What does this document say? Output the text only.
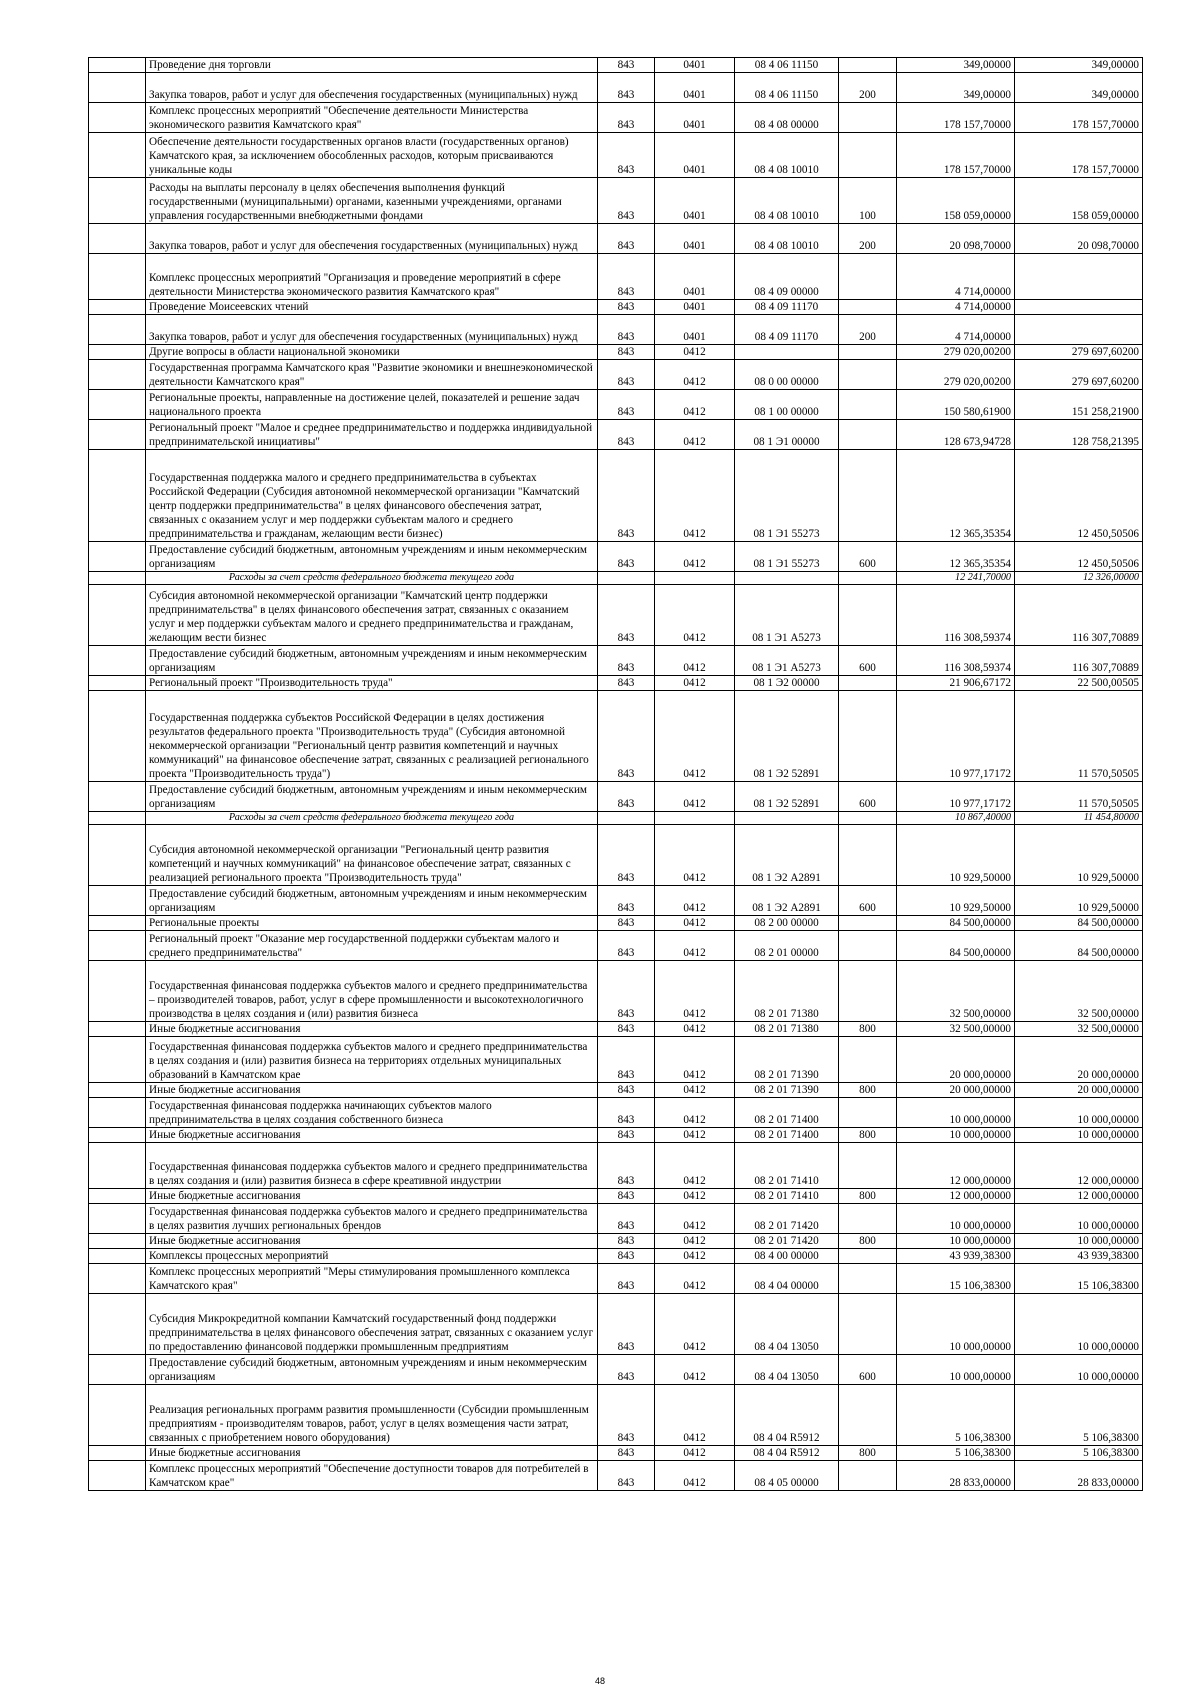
	Проведение дня торговли	843	0401	08 4 06 11150		349,00000	349,00000
	Закупка товаров, работ и услуг для обеспечения государственных (муниципальных) нужд	843	0401	08 4 06 11150	200	349,00000	349,00000
	Комплекс процессных мероприятий "Обеспечение деятельности Министерства экономического развития Камчатского края"	843	0401	08 4 08 00000		178 157,70000	178 157,70000
	Обеспечение деятельности государственных органов власти (государственных органов) Камчатского края, за исключением обособленных расходов, которым присваиваются уникальные коды	843	0401	08 4 08 10010		178 157,70000	178 157,70000
	Расходы на выплаты персоналу в целях обеспечения выполнения функций государственными (муниципальными) органами, казенными учреждениями, органами управления государственными внебюджетными фондами	843	0401	08 4 08 10010	100	158 059,00000	158 059,00000
	Закупка товаров, работ и услуг для обеспечения государственных (муниципальных) нужд	843	0401	08 4 08 10010	200	20 098,70000	20 098,70000
	Комплекс процессных мероприятий "Организация и проведение мероприятий в сфере деятельности Министерства экономического развития Камчатского края"	843	0401	08 4 09 00000		4 714,00000	
	Проведение Моисеевских чтений	843	0401	08 4 09 11170		4 714,00000	
	Закупка товаров, работ и услуг для обеспечения государственных (муниципальных) нужд	843	0401	08 4 09 11170	200	4 714,00000	
	Другие вопросы в области национальной экономики	843	0412			279 020,00200	279 697,60200
	Государственная программа Камчатского края "Развитие экономики и внешнеэкономической деятельности Камчатского края"	843	0412	08 0 00 00000		279 020,00200	279 697,60200
	Региональные проекты, направленные на достижение целей, показателей и решение задач национального проекта	843	0412	08 1 00 00000		150 580,61900	151 258,21900
	Региональный проект "Малое и среднее предпринимательство и поддержка индивидуальной предпринимательской инициативы"	843	0412	08 1 Э1 00000		128 673,94728	128 758,21395
	Государственная поддержка малого и среднего предпринимательства в субъектах Российской Федерации (Субсидия автономной некоммерческой организации "Камчатский центр поддержки предпринимательства" в целях финансового обеспечения затрат, связанных с оказанием услуг и мер поддержки субъектам малого и среднего предпринимательства и гражданам, желающим вести бизнес)	843	0412	08 1 Э1 55273		12 365,35354	12 450,50506
	Предоставление субсидий бюджетным, автономным учреждениям и иным некоммерческим организациям	843	0412	08 1 Э1 55273	600	12 365,35354	12 450,50506
	Расходы за счет средств федерального бюджета текущего года					12 241,70000	12 326,00000
	Субсидия автономной некоммерческой организации "Камчатский центр поддержки предпринимательства" в целях финансового обеспечения затрат, связанных с оказанием услуг и мер поддержки субъектам малого и среднего предпринимательства и гражданам, желающим вести бизнес	843	0412	08 1 Э1 A5273		116 308,59374	116 307,70889
	Предоставление субсидий бюджетным, автономным учреждениям и иным некоммерческим организациям	843	0412	08 1 Э1 A5273	600	116 308,59374	116 307,70889
	Региональный проект "Производительность труда"	843	0412	08 1 Э2 00000		21 906,67172	22 500,00505
	Государственная поддержка субъектов Российской Федерации в целях достижения результатов федерального проекта "Производительность труда" (Субсидия автономной некоммерческой организации "Региональный центр развития компетенций и научных коммуникаций" на финансовое обеспечение затрат, связанных с реализацией регионального проекта "Производительность труда")	843	0412	08 1 Э2 52891		10 977,17172	11 570,50505
	Предоставление субсидий бюджетным, автономным учреждениям и иным некоммерческим организациям	843	0412	08 1 Э2 52891	600	10 977,17172	11 570,50505
	Расходы за счет средств федерального бюджета текущего года					10 867,40000	11 454,80000
	Субсидия автономной некоммерческой организации "Региональный центр развития компетенций и научных коммуникаций" на финансовое обеспечение затрат, связанных с реализацией регионального проекта "Производительность труда"	843	0412	08 1 Э2 A2891		10 929,50000	10 929,50000
	Предоставление субсидий бюджетным, автономным учреждениям и иным некоммерческим организациям	843	0412	08 1 Э2 A2891	600	10 929,50000	10 929,50000
	Региональные проекты	843	0412	08 2 00 00000		84 500,00000	84 500,00000
	Региональный проект "Оказание мер государственной поддержки субъектам малого и среднего предпринимательства"	843	0412	08 2 01 00000		84 500,00000	84 500,00000
	Государственная финансовая поддержка субъектов малого и среднего предпринимательства – производителей товаров, работ, услуг в сфере промышленности и высокотехнологичного производства в целях создания и (или) развития бизнеса	843	0412	08 2 01 71380		32 500,00000	32 500,00000
	Иные бюджетные ассигнования	843	0412	08 2 01 71380	800	32 500,00000	32 500,00000
	Государственная финансовая поддержка субъектов малого и среднего предпринимательства в целях создания и (или) развития бизнеса на территориях отдельных муниципальных образований в Камчатском крае	843	0412	08 2 01 71390		20 000,00000	20 000,00000
	Иные бюджетные ассигнования	843	0412	08 2 01 71390	800	20 000,00000	20 000,00000
	Государственная финансовая поддержка начинающих субъектов малого предпринимательства в целях создания собственного бизнеса	843	0412	08 2 01 71400		10 000,00000	10 000,00000
	Иные бюджетные ассигнования	843	0412	08 2 01 71400	800	10 000,00000	10 000,00000
	Государственная финансовая поддержка субъектов малого и среднего предпринимательства в целях создания и (или) развития бизнеса в сфере креативной индустрии	843	0412	08 2 01 71410		12 000,00000	12 000,00000
	Иные бюджетные ассигнования	843	0412	08 2 01 71410	800	12 000,00000	12 000,00000
	Государственная финансовая поддержка субъектов малого и среднего предпринимательства в целях развития лучших региональных брендов	843	0412	08 2 01 71420		10 000,00000	10 000,00000
	Иные бюджетные ассигнования	843	0412	08 2 01 71420	800	10 000,00000	10 000,00000
	Комплексы процессных мероприятий	843	0412	08 4 00 00000		43 939,38300	43 939,38300
	Комплекс процессных мероприятий "Меры стимулирования промышленного комплекса Камчатского края"	843	0412	08 4 04 00000		15 106,38300	15 106,38300
	Субсидия Микрокредитной компании Камчатский государственный фонд поддержки предпринимательства в целях финансового обеспечения затрат, связанных с оказанием услуг по предоставлению финансовой поддержки промышленным предприятиям	843	0412	08 4 04 13050		10 000,00000	10 000,00000
	Предоставление субсидий бюджетным, автономным учреждениям и иным некоммерческим организациям	843	0412	08 4 04 13050	600	10 000,00000	10 000,00000
	Реализация региональных программ развития промышленности (Субсидии промышленным предприятиям - производителям товаров, работ, услуг в целях возмещения части затрат, связанных с приобретением нового оборудования)	843	0412	08 4 04 R5912		5 106,38300	5 106,38300
	Иные бюджетные ассигнования	843	0412	08 4 04 R5912	800	5 106,38300	5 106,38300
	Комплекс процессных мероприятий "Обеспечение доступности товаров для потребителей в Камчатском крае"	843	0412	08 4 05 00000		28 833,00000	28 833,00000
48
